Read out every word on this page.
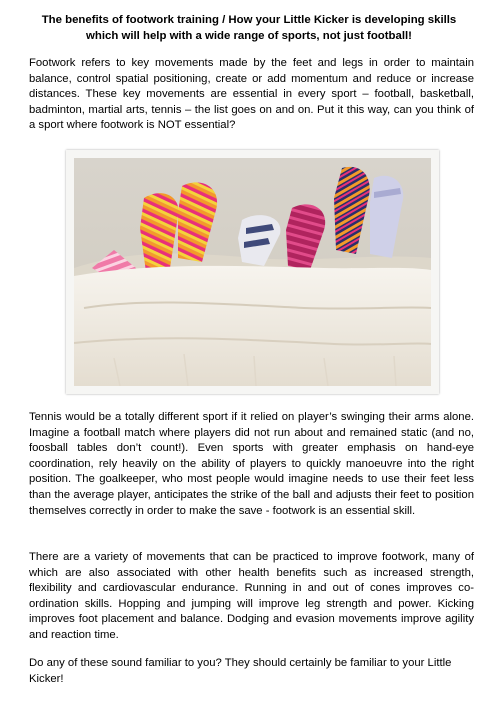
The benefits of footwork training / How your Little Kicker is developing skills
which will help with a wide range of sports, not just football!
Footwork refers to key movements made by the feet and legs in order to maintain balance, control spatial positioning, create or add momentum and reduce or increase distances. These key movements are essential in every sport – football, basketball, badminton, martial arts, tennis – the list goes on and on. Put it this way, can you think of a sport where footwork is NOT essential?
Tennis would be a totally different sport if it relied on player’s swinging their arms alone. Imagine a football match where players did not run about and remained static (and no, foosball tables don’t count!). Even sports with greater emphasis on hand-eye coordination, rely heavily on the ability of players to quickly manoeuvre into the right position. The goalkeeper, who most people would imagine needs to use their feet less than the average player, anticipates the strike of the ball and adjusts their feet to position themselves correctly in order to make the save - footwork is an essential skill.
There are a variety of movements that can be practiced to improve footwork, many of which are also associated with other health benefits such as increased strength, flexibility and cardiovascular endurance. Running in and out of cones improves co-ordination skills. Hopping and jumping will improve leg strength and power. Kicking improves foot placement and balance. Dodging and evasion movements improve agility and reaction time.
Do any of these sound familiar to you? They should certainly be familiar to your Little Kicker!
